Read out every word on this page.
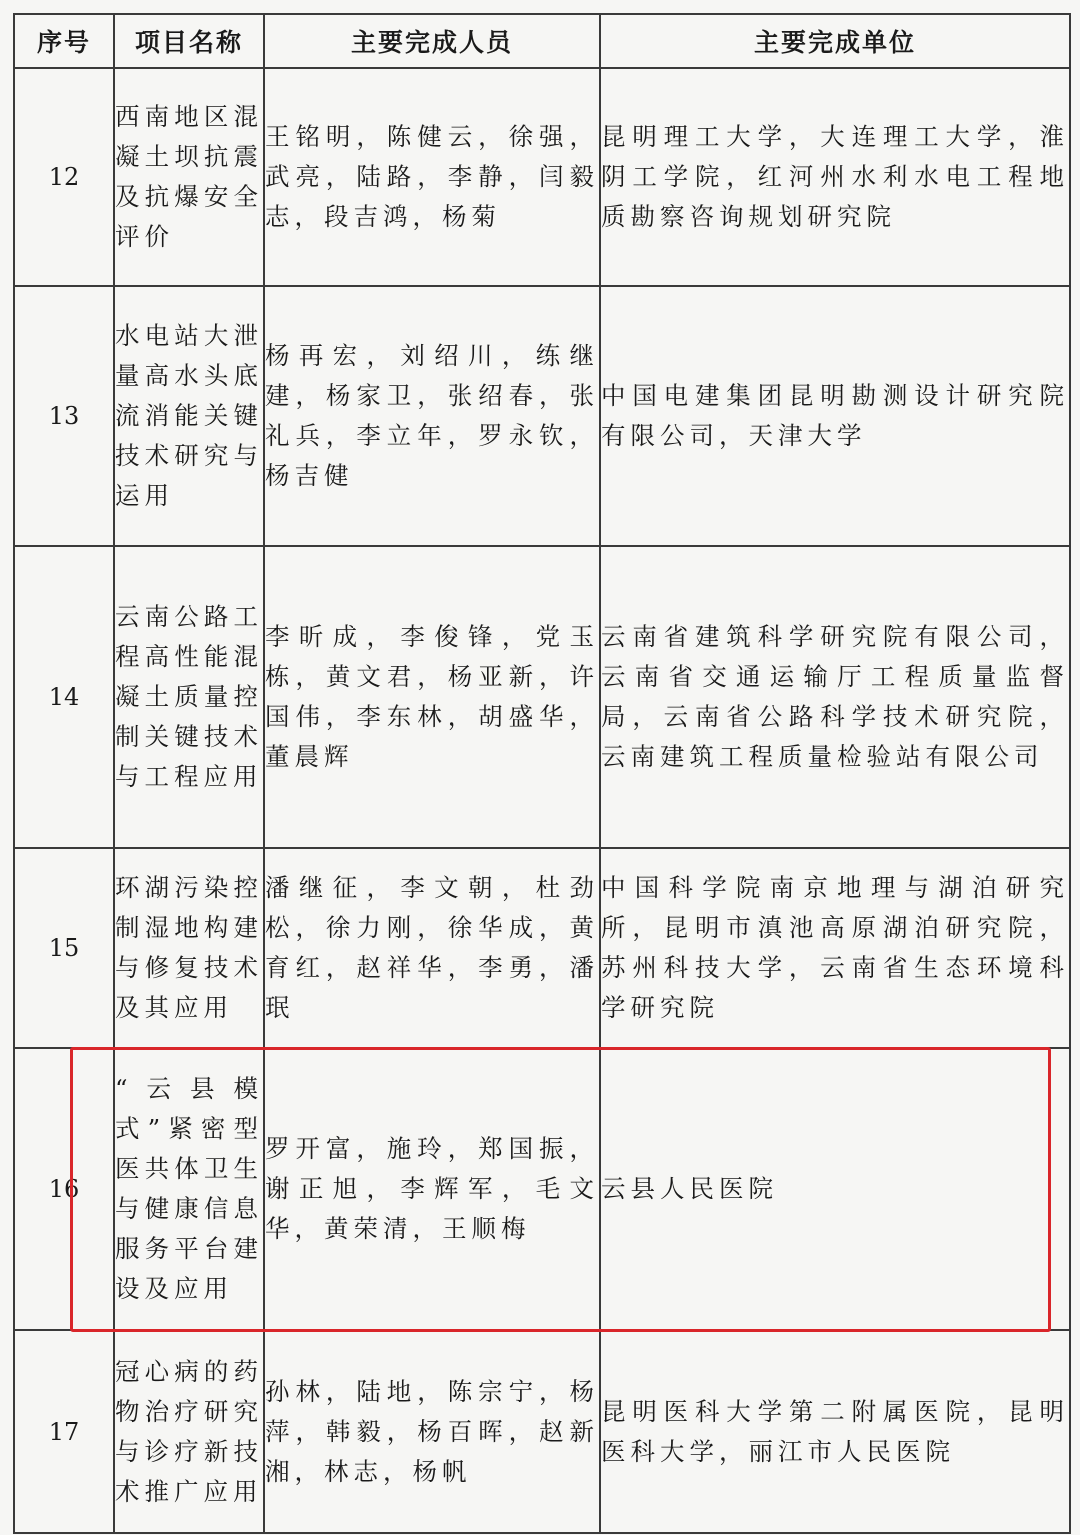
序号	项目名称	主要完成人员	主要完成单位
12	西南地区混凝土坝抗震及抗爆安全评价	王铭明，陈健云，徐强，武亮，陆路，李静，闫毅志，段吉鸿，杨菊	昆明理工大学，大连理工大学，淮阴工学院，红河州水利水电工程地质勘察咨询规划研究院
13	水电站大泄量高水头底流消能关键技术研究与运用	杨再宏，刘绍川，练继建，杨家卫，张绍春，张礼兵，李立年，罗永钦，杨吉健	中国电建集团昆明勘测设计研究院有限公司，天津大学
14	云南公路工程高性能混凝土质量控制关键技术与工程应用	李昕成，李俊锋，党玉栋，黄文君，杨亚新，许国伟，李东林，胡盛华，董晨辉	云南省建筑科学研究院有限公司，云南省交通运输厅工程质量监督局，云南省公路科学技术研究院，云南建筑工程质量检验站有限公司
15	环湖污染控制湿地构建与修复技术及其应用	潘继征，李文朝，杜劲松，徐力刚，徐华成，黄育红，赵祥华，李勇，潘珉	中国科学院南京地理与湖泊研究所，昆明市滇池高原湖泊研究院，苏州科技大学，云南省生态环境科学研究院
16	“云县模式”紧密型医共体卫生与健康信息服务平台建设及应用	罗开富，施玲，郑国振，谢正旭，李辉军，毛文华，黄荣清，王顺梅	云县人民医院
17	冠心病的药物治疗研究与诊疗新技术推广应用	孙林，陆地，陈宗宁，杨萍，韩毅，杨百晖，赵新湘，林志，杨帆	昆明医科大学第二附属医院，昆明医科大学，丽江市人民医院
